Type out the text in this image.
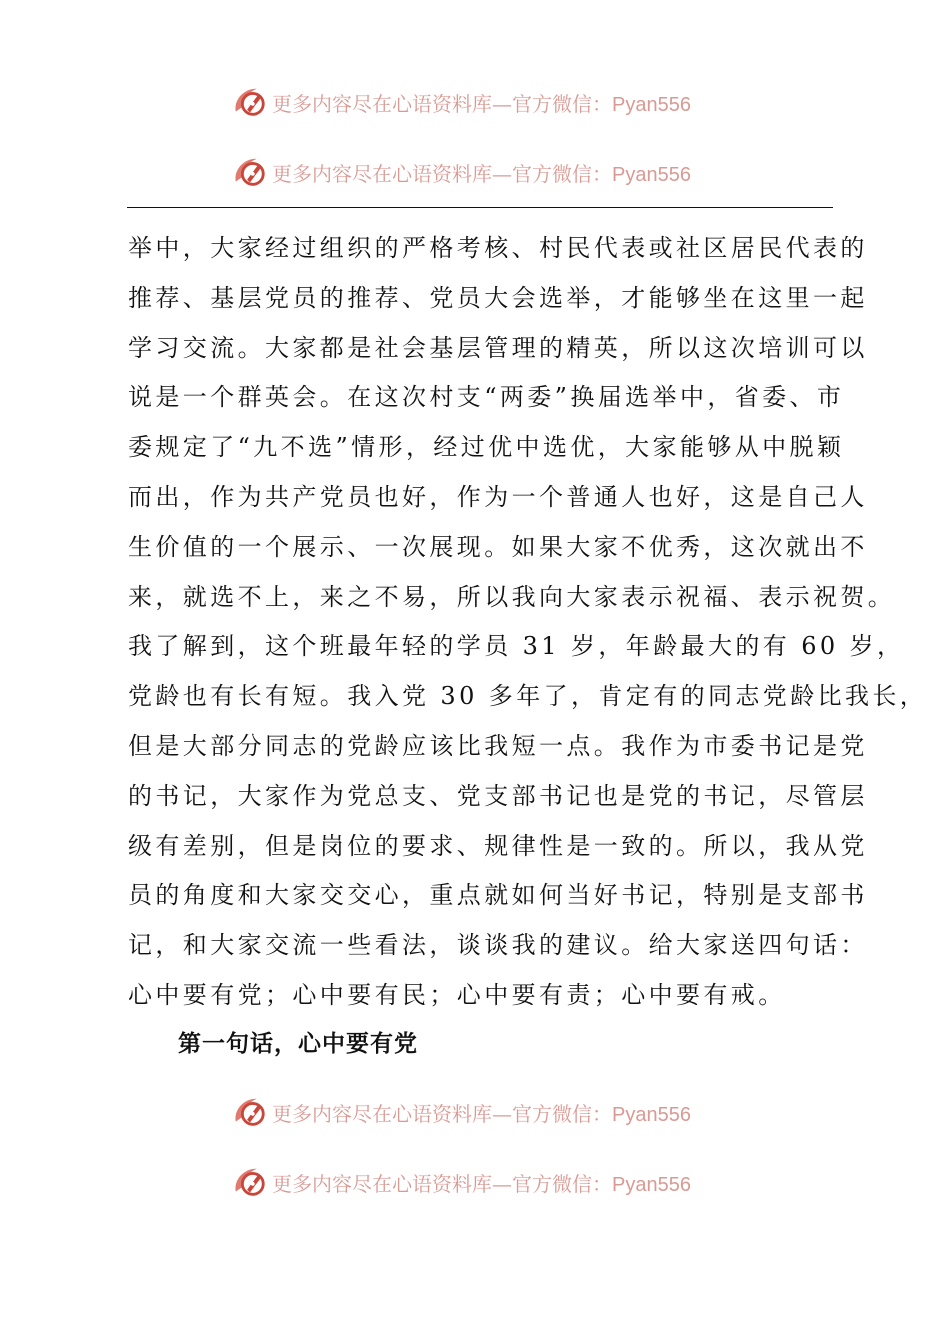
更多内容尽在心语资料库—官方微信：Pyan556
更多内容尽在心语资料库—官方微信：Pyan556
举中，大家经过组织的严格考核、村民代表或社区居民代表的
推荐、基层党员的推荐、党员大会选举，才能够坐在这里一起
学习交流。大家都是社会基层管理的精英，所以这次培训可以
说是一个群英会。在这次村支“两委”换届选举中，省委、市
委规定了“九不选”情形，经过优中选优，大家能够从中脱颖
而出，作为共产党员也好，作为一个普通人也好，这是自己人
生价值的一个展示、一次展现。如果大家不优秀，这次就出不
来，就选不上，来之不易，所以我向大家表示祝福、表示祝贺。
我了解到，这个班最年轻的学员 31 岁，年龄最大的有 60 岁，
党龄也有长有短。我入党 30 多年了，肯定有的同志党龄比我长，
但是大部分同志的党龄应该比我短一点。我作为市委书记是党
的书记，大家作为党总支、党支部书记也是党的书记，尽管层
级有差别，但是岗位的要求、规律性是一致的。所以，我从党
员的角度和大家交交心，重点就如何当好书记，特别是支部书
记，和大家交流一些看法，谈谈我的建议。给大家送四句话：
心中要有党；心中要有民；心中要有责；心中要有戒。
第一句话，心中要有党
更多内容尽在心语资料库—官方微信：Pyan556
更多内容尽在心语资料库—官方微信：Pyan556
